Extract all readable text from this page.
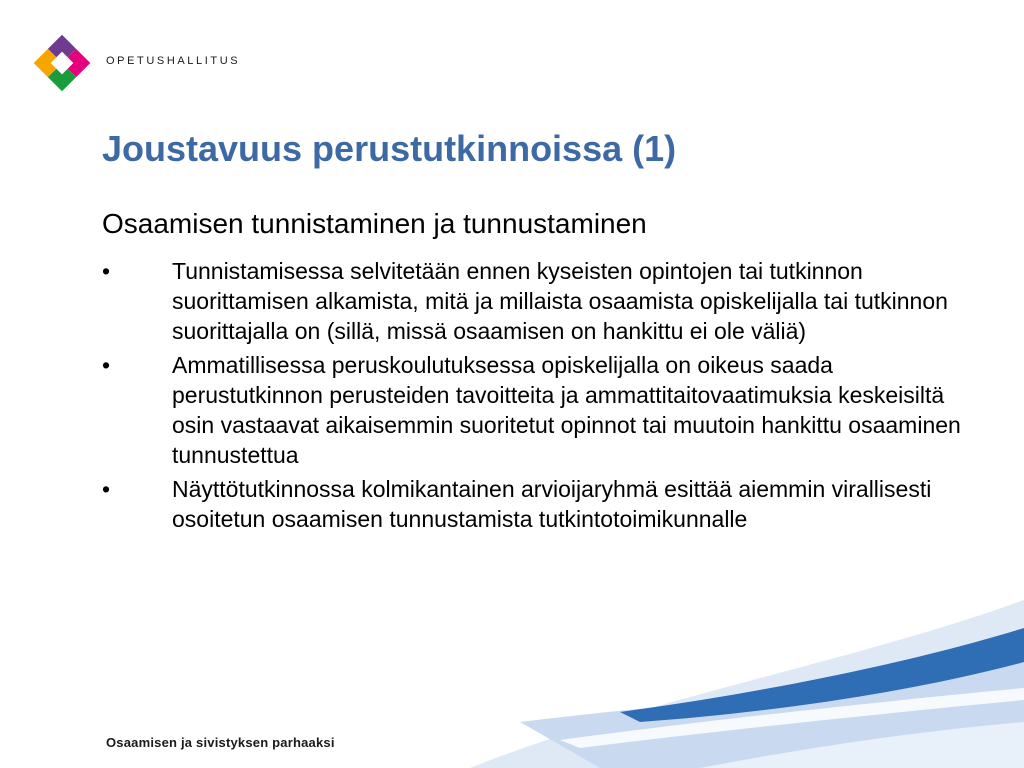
OPETUSHALLITUS
Joustavuus perustutkinnoissa (1)
Osaamisen tunnistaminen ja tunnustaminen
•	Tunnistamisessa selvitetään ennen kyseisten opintojen tai tutkinnon suorittamisen alkamista, mitä ja millaista osaamista opiskelijalla tai tutkinnon suorittajalla on (sillä, missä osaamisen on hankittu ei ole väliä)
•	Ammatillisessa peruskoulutuksessa opiskelijalla on oikeus saada perustutkinnon perusteiden tavoitteita ja ammattitaitovaatimuksia keskeisiltä osin vastaavat aikaisemmin suoritetut opinnot tai muutoin hankittu osaaminen tunnustettua
•	Näyttötutkinnossa kolmikantainen arvioijaryhmä esittää aiemmin virallisesti osoitetun osaamisen tunnustamista tutkintotoimikunnalle
Osaamisen ja sivistyksen parhaaksi
